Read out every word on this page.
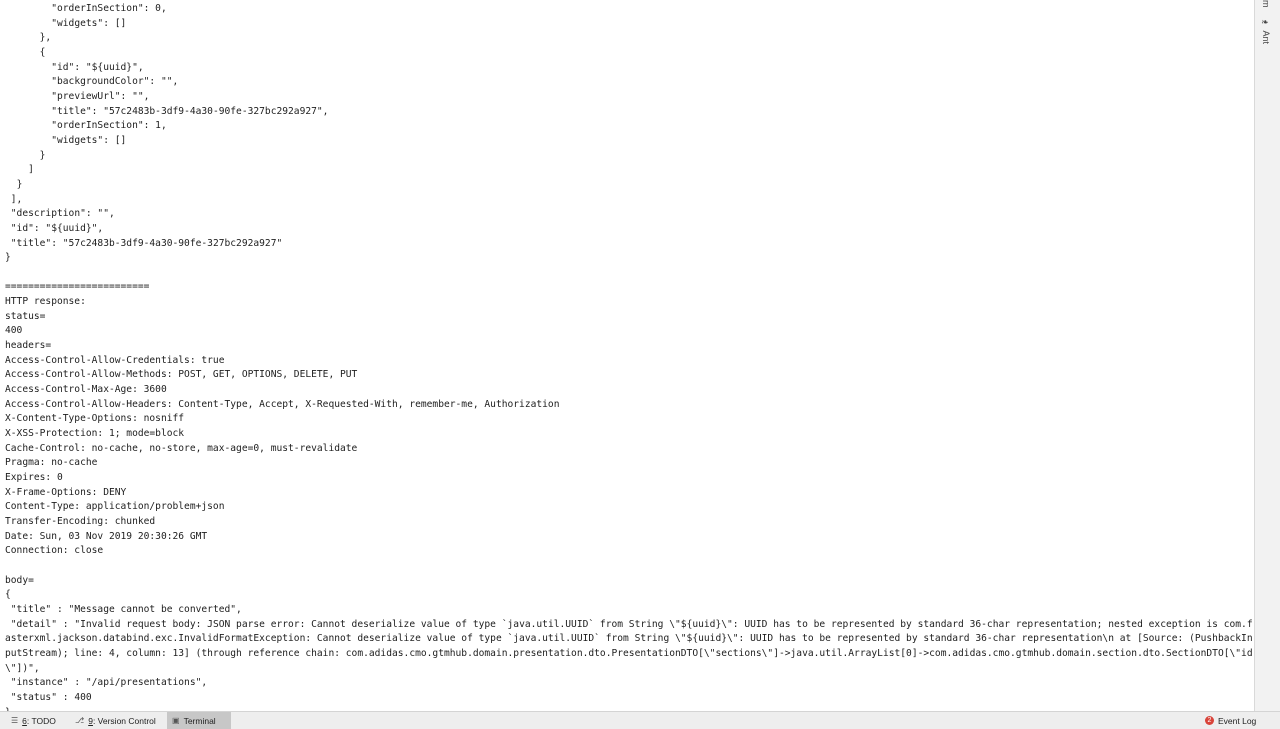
"orderInSection": 0,
"widgets": []
},
{
"id": "${uuid}",
"backgroundColor": "",
"previewUrl": "",
"title": "57c2483b-3df9-4a30-90fe-327bc292a927",
"orderInSection": 1,
"widgets": []
}
]
}
],
"description": "",
"id": "${uuid}",
"title": "57c2483b-3df9-4a30-90fe-327bc292a927"
}

=========================
HTTP response:
status=
400
headers=
Access-Control-Allow-Credentials: true
Access-Control-Allow-Methods: POST, GET, OPTIONS, DELETE, PUT
Access-Control-Max-Age: 3600
Access-Control-Allow-Headers: Content-Type, Accept, X-Requested-With, remember-me, Authorization
X-Content-Type-Options: nosniff
X-XSS-Protection: 1; mode=block
Cache-Control: no-cache, no-store, max-age=0, must-revalidate
Pragma: no-cache
Expires: 0
X-Frame-Options: DENY
Content-Type: application/problem+json
Transfer-Encoding: chunked
Date: Sun, 03 Nov 2019 20:30:26 GMT
Connection: close

body=
{
"title" : "Message cannot be converted",
"detail" : "Invalid request body: JSON parse error: Cannot deserialize value of type `java.util.UUID` from String \"${uuid}\": UUID has to be represented by standard 36-char representation; nested exception is com.fasterxml.jackson.databind.exc.InvalidFormatException: Cannot deserialize value of type `java.util.UUID` from String \"${uuid}\": UUID has to be represented by standard 36-char representation\n at [Source: (PushbackInputStream); line: 4, column: 13] (through reference chain: com.adidas.cmo.gtmhub.domain.presentation.dto.PresentationDTO[\"sections\"]->java.util.ArrayList[0]->com.adidas.cmo.gtmhub.domain.section.dto.SectionDTO[\"id\"])",
"instance" : "/api/presentations",
"status" : 400

m
❧ Ant
☰ 6 : TODO ⎇ 9 : Version Control ▣ Terminal	2 Event Log
